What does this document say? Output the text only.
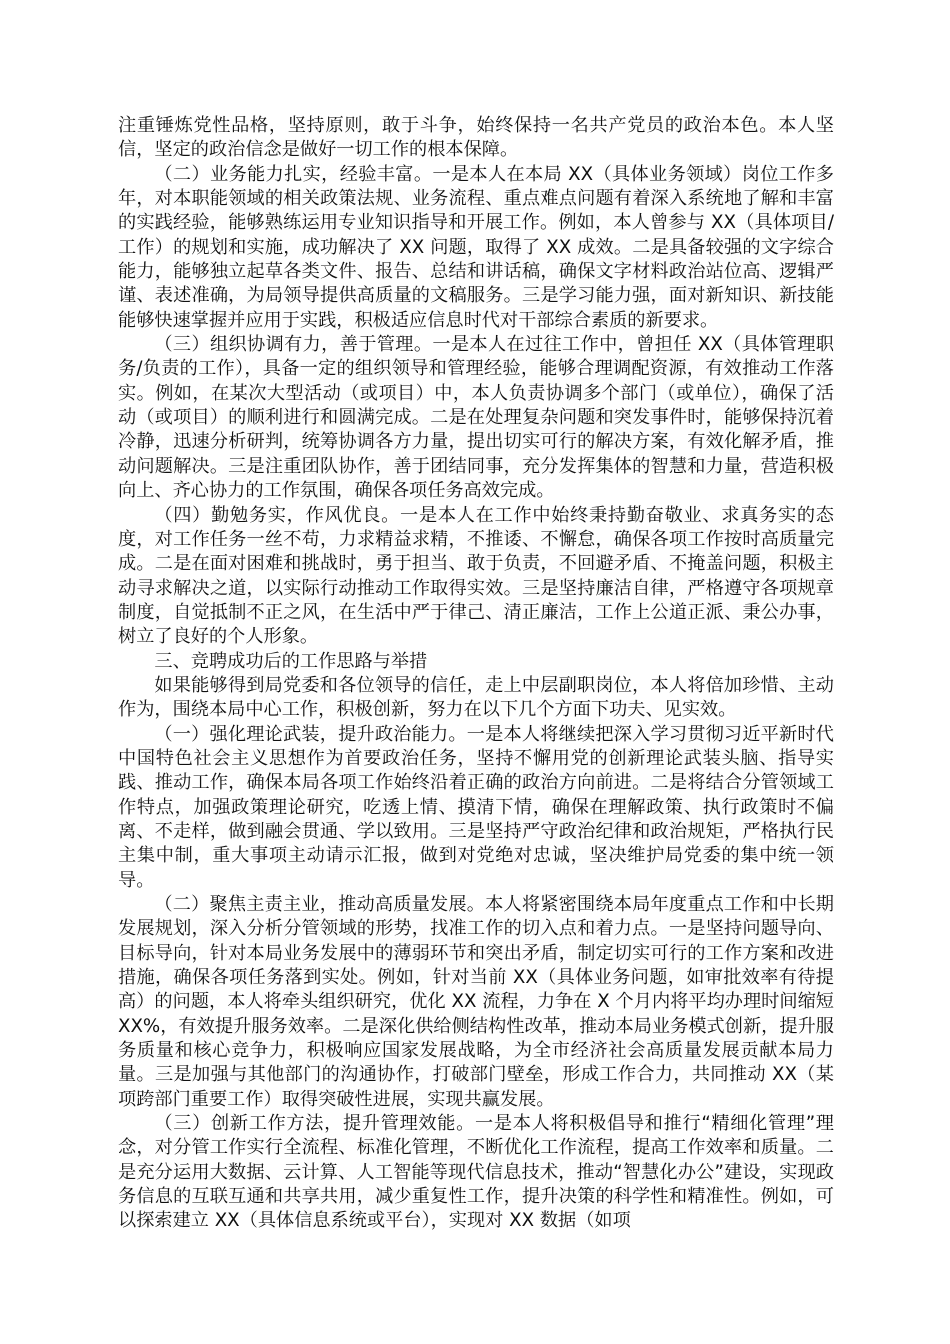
注重锤炼党性品格，坚持原则，敢于斗争，始终保持一名共产党员的政治本色。本人坚信，坚定的政治信念是做好一切工作的根本保障。

（二）业务能力扎实，经验丰富。一是本人在本局 XX（具体业务领域）岗位工作多年，对本职能领域的相关政策法规、业务流程、重点难点问题有着深入系统地了解和丰富的实践经验，能够熟练运用专业知识指导和开展工作。例如，本人曾参与 XX（具体项目/工作）的规划和实施，成功解决了 XX 问题，取得了 XX 成效。二是具备较强的文字综合能力，能够独立起草各类文件、报告、总结和讲话稿，确保文字材料政治站位高、逻辑严谨、表述准确，为局领导提供高质量的文稿服务。三是学习能力强，面对新知识、新技能能够快速掌握并应用于实践，积极适应信息时代对干部综合素质的新要求。

（三）组织协调有力，善于管理。一是本人在过往工作中，曾担任 XX（具体管理职务/负责的工作），具备一定的组织领导和管理经验，能够合理调配资源，有效推动工作落实。例如，在某次大型活动（或项目）中，本人负责协调多个部门（或单位），确保了活动（或项目）的顺利进行和圆满完成。二是在处理复杂问题和突发事件时，能够保持沉着冷静，迅速分析研判，统筹协调各方力量，提出切实可行的解决方案，有效化解矛盾，推动问题解决。三是注重团队协作，善于团结同事，充分发挥集体的智慧和力量，营造积极向上、齐心协力的工作氛围，确保各项任务高效完成。

（四）勤勉务实，作风优良。一是本人在工作中始终秉持勤奋敬业、求真务实的态度，对工作任务一丝不苟，力求精益求精，不推诿、不懈怠，确保各项工作按时高质量完成。二是在面对困难和挑战时，勇于担当、敢于负责，不回避矛盾、不掩盖问题，积极主动寻求解决之道，以实际行动推动工作取得实效。三是坚持廉洁自律，严格遵守各项规章制度，自觉抵制不正之风，在生活中严于律己、清正廉洁，工作上公道正派、秉公办事，树立了良好的个人形象。

三、竞聘成功后的工作思路与举措

如果能够得到局党委和各位领导的信任，走上中层副职岗位，本人将倍加珍惜、主动作为，围绕本局中心工作，积极创新，努力在以下几个方面下功夫、见实效。

（一）强化理论武装，提升政治能力。一是本人将继续把深入学习贯彻习近平新时代中国特色社会主义思想作为首要政治任务，坚持不懈用党的创新理论武装头脑、指导实践、推动工作，确保本局各项工作始终沿着正确的政治方向前进。二是将结合分管领域工作特点，加强政策理论研究，吃透上情、摸清下情，确保在理解政策、执行政策时不偏离、不走样，做到融会贯通、学以致用。三是坚持严守政治纪律和政治规矩，严格执行民主集中制，重大事项主动请示汇报，做到对党绝对忠诚，坚决维护局党委的集中统一领导。

（二）聚焦主责主业，推动高质量发展。本人将紧密围绕本局年度重点工作和中长期发展规划，深入分析分管领域的形势，找准工作的切入点和着力点。一是坚持问题导向、目标导向，针对本局业务发展中的薄弱环节和突出矛盾，制定切实可行的工作方案和改进措施，确保各项任务落到实处。例如，针对当前 XX（具体业务问题，如审批效率有待提高）的问题，本人将牵头组织研究，优化 XX 流程，力争在 X 个月内将平均办理时间缩短 XX%，有效提升服务效率。二是深化供给侧结构性改革，推动本局业务模式创新，提升服务质量和核心竞争力，积极响应国家发展战略，为全市经济社会高质量发展贡献本局力量。三是加强与其他部门的沟通协作，打破部门壁垒，形成工作合力，共同推动 XX（某项跨部门重要工作）取得突破性进展，实现共赢发展。

（三）创新工作方法，提升管理效能。一是本人将积极倡导和推行“精细化管理”理念，对分管工作实行全流程、标准化管理，不断优化工作流程，提高工作效率和质量。二是充分运用大数据、云计算、人工智能等现代信息技术，推动“智慧化办公”建设，实现政务信息的互联互通和共享共用，减少重复性工作，提升决策的科学性和精准性。例如，可以探索建立 XX（具体信息系统或平台），实现对 XX 数据（如项
